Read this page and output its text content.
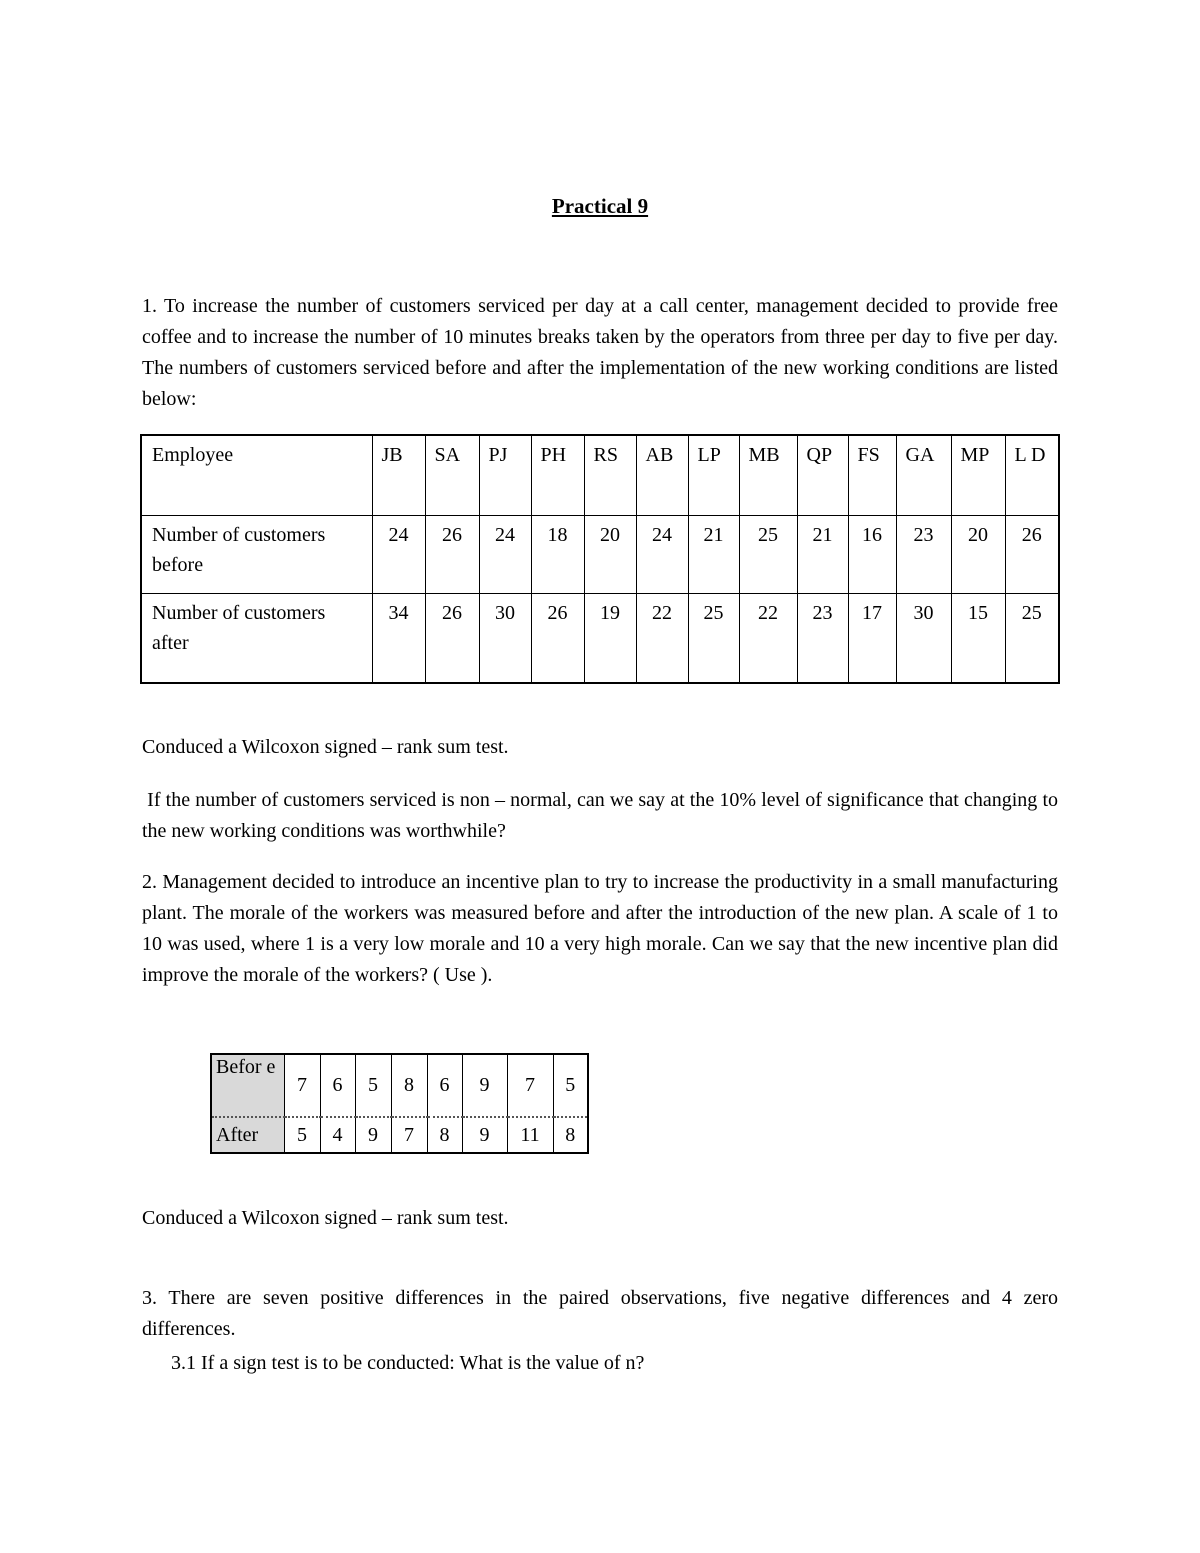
Practical 9
1. To increase the number of customers serviced per day at a call center, management decided to provide free coffee and to increase the number of 10 minutes breaks taken by the operators from three per day to five per day. The numbers of customers serviced before and after the implementation of the new working conditions are listed below:
Employee	JB	SA	PJ	PH	RS	AB	LP	MB	QP	FS	GA	MP	L D
Number of customers before	24	26	24	18	20	24	21	25	21	16	23	20	26
Number of customers after	34	26	30	26	19	22	25	22	23	17	30	15	25
Conduced a Wilcoxon signed – rank sum test.
If the number of customers serviced is non – normal, can we say at the 10% level of significance that changing to the new working conditions was worthwhile?
2. Management decided to introduce an incentive plan to try to increase the productivity in a small manufacturing plant. The morale of the workers was measured before and after the introduction of the new plan. A scale of 1 to 10 was used, where 1 is a very low morale and 10 a very high morale. Can we say that the new incentive plan did improve the morale of the workers? ( Use ).
Befor e	7	6	5	8	6	9	7	5
After	5	4	9	7	8	9	11	8
Conduced a Wilcoxon signed – rank sum test.
3. There are seven positive differences in the paired observations, five negative differences and 4 zero   differences.
3.1 If a sign test is to be conducted: What is the value of n?
